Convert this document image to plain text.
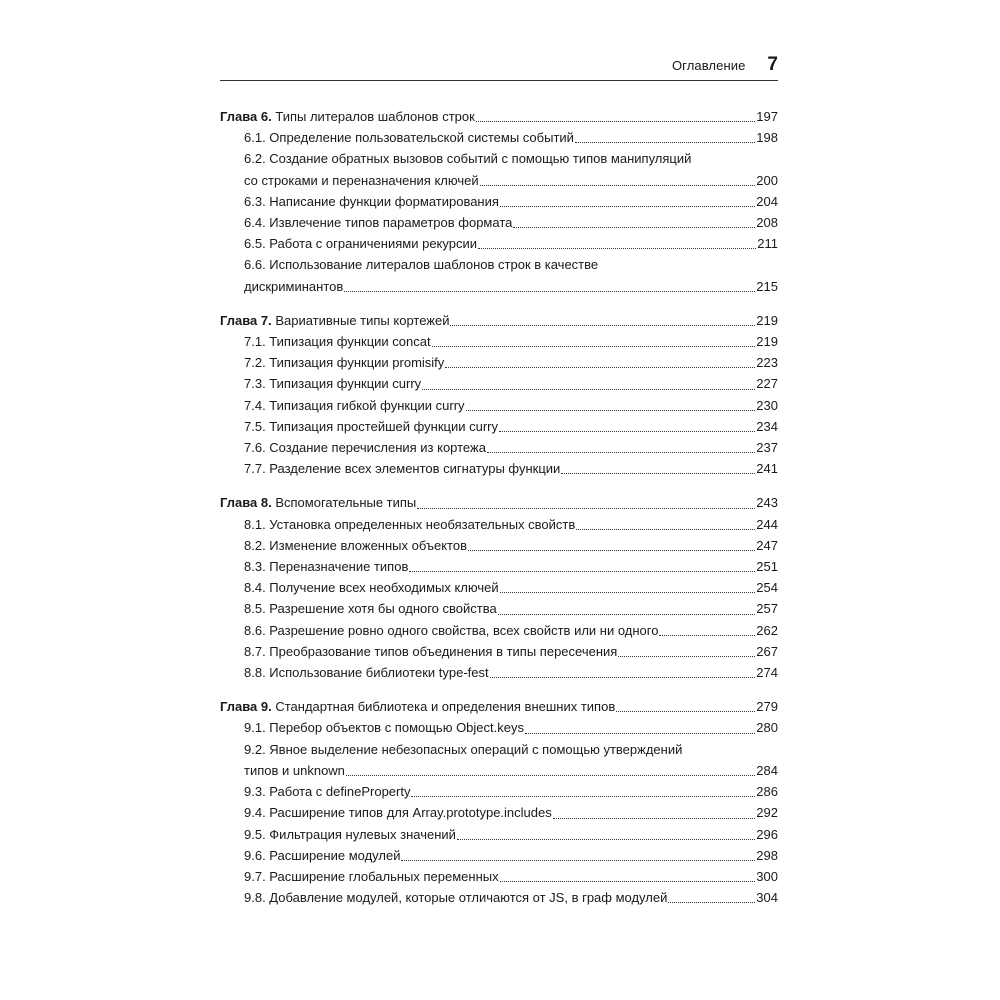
Оглавление 7
Глава 6. Типы литералов шаблонов строк	197
6.1. Определение пользовательской системы событий	198
6.2. Создание обратных вызовов событий с помощью типов манипуляций
со строками и переназначения ключей	200
6.3. Написание функции форматирования	204
6.4. Извлечение типов параметров формата	208
6.5. Работа с ограничениями рекурсии	211
6.6. Использование литералов шаблонов строк в качестве
дискриминантов	215
Глава 7. Вариативные типы кортежей	219
7.1. Типизация функции concat	219
7.2. Типизация функции promisify	223
7.3. Типизация функции curry	227
7.4. Типизация гибкой функции curry	230
7.5. Типизация простейшей функции curry	234
7.6. Создание перечисления из кортежа	237
7.7. Разделение всех элементов сигнатуры функции	241
Глава 8. Вспомогательные типы	243
8.1. Установка определенных необязательных свойств	244
8.2. Изменение вложенных объектов	247
8.3. Переназначение типов	251
8.4. Получение всех необходимых ключей	254
8.5. Разрешение хотя бы одного свойства	257
8.6. Разрешение ровно одного свойства, всех свойств или ни одного	262
8.7. Преобразование типов объединения в типы пересечения	267
8.8. Использование библиотеки type-fest	274
Глава 9. Стандартная библиотека и определения внешних типов	279
9.1. Перебор объектов с помощью Object.keys	280
9.2. Явное выделение небезопасных операций с помощью утверждений
типов и unknown	284
9.3. Работа с defineProperty	286
9.4. Расширение типов для Array.prototype.includes	292
9.5. Фильтрация нулевых значений	296
9.6. Расширение модулей	298
9.7. Расширение глобальных переменных	300
9.8. Добавление модулей, которые отличаются от JS, в граф модулей	304
